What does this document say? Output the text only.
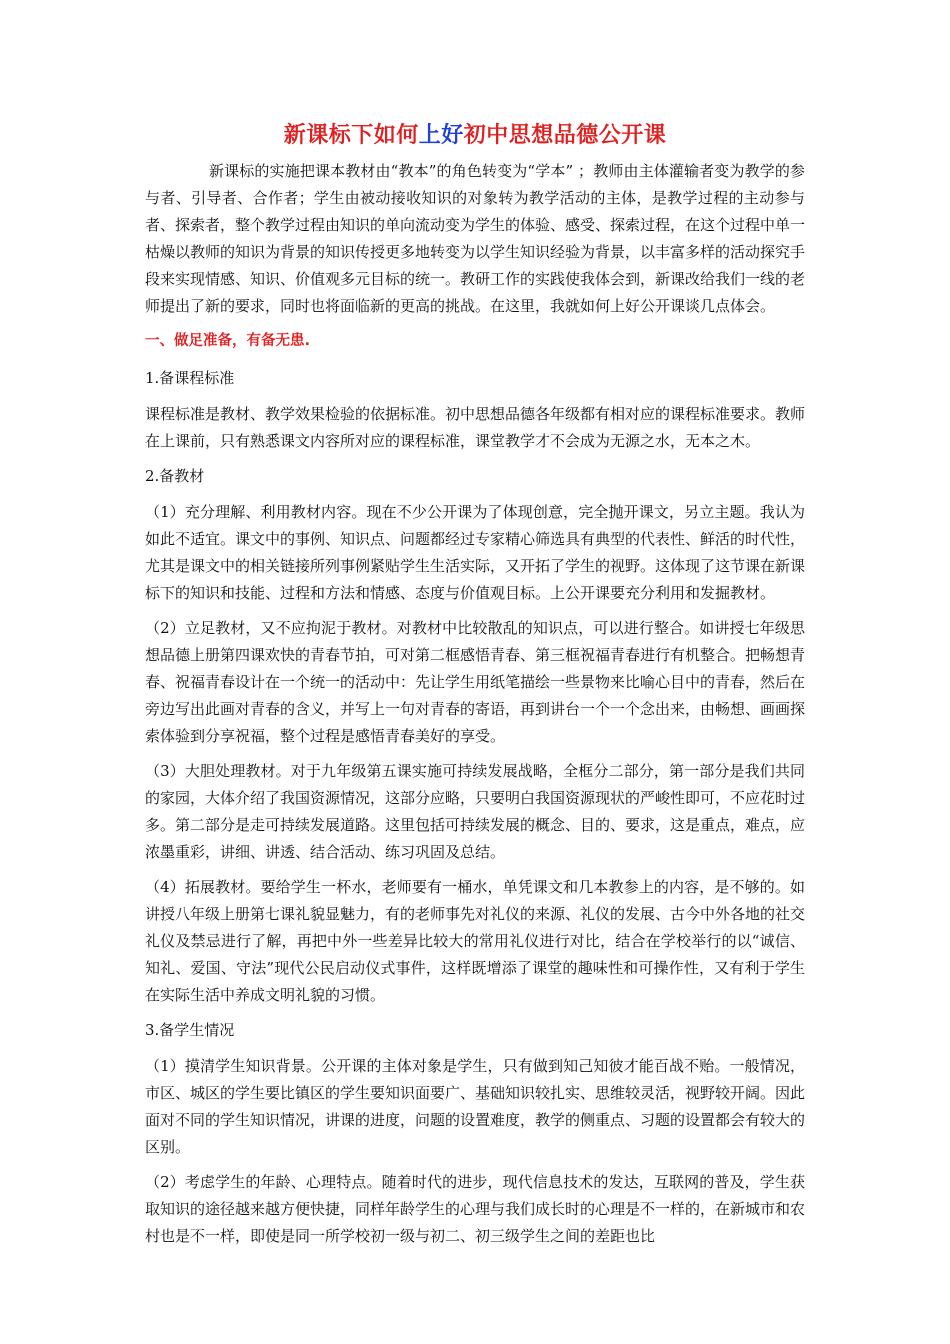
新课标下如何上好初中思想品德公开课

新课标的实施把课本教材由“教本”的角色转变为“学本” ；教师由主体灌输者变为教学的参与者、引导者、合作者；学生由被动接收知识的对象转为教学活动的主体，是教学过程的主动参与者、探索者，整个教学过程由知识的单向流动变为学生的体验、感受、探索过程，在这个过程中单一枯燥以教师的知识为背景的知识传授更多地转变为以学生知识经验为背景，以丰富多样的活动探究手段来实现情感、知识、价值观多元目标的统一。教研工作的实践使我体会到，新课改给我们一线的老师提出了新的要求，同时也将面临新的更高的挑战。在这里，我就如何上好公开课谈几点体会。

一、做足准备，有备无患.

1.备课程标准

课程标准是教材、教学效果检验的依据标准。初中思想品德各年级都有相对应的课程标准要求。教师在上课前，只有熟悉课文内容所对应的课程标准，课堂教学才不会成为无源之水，无本之木。

2.备教材

（1）充分理解、利用教材内容。现在不少公开课为了体现创意，完全抛开课文，另立主题。我认为如此不适宜。课文中的事例、知识点、问题都经过专家精心筛选具有典型的代表性、鲜活的时代性，尤其是课文中的相关链接所列事例紧贴学生生活实际，又开拓了学生的视野。这体现了这节课在新课标下的知识和技能、过程和方法和情感、态度与价值观目标。上公开课要充分利用和发掘教材。

（2）立足教材，又不应拘泥于教材。对教材中比较散乱的知识点，可以进行整合。如讲授七年级思想品德上册第四课欢快的青春节拍，可对第二框感悟青春、第三框祝福青春进行有机整合。把畅想青春、祝福青春设计在一个统一的活动中：先让学生用纸笔描绘一些景物来比喻心目中的青春，然后在旁边写出此画对青春的含义，并写上一句对青春的寄语，再到讲台一个一个念出来，由畅想、画画探索体验到分享祝福，整个过程是感悟青春美好的享受。

（3）大胆处理教材。对于九年级第五课实施可持续发展战略，全框分二部分，第一部分是我们共同的家园，大体介绍了我国资源情况，这部分应略，只要明白我国资源现状的严峻性即可，不应花时过多。第二部分是走可持续发展道路。这里包括可持续发展的概念、目的、要求，这是重点，难点，应浓墨重彩，讲细、讲透、结合活动、练习巩固及总结。

（4）拓展教材。要给学生一杯水，老师要有一桶水，单凭课文和几本教参上的内容，是不够的。如讲授八年级上册第七课礼貌显魅力，有的老师事先对礼仪的来源、礼仪的发展、古今中外各地的社交礼仪及禁忌进行了解，再把中外一些差异比较大的常用礼仪进行对比，结合在学校举行的以“诚信、知礼、爱国、守法”现代公民启动仪式事件，这样既增添了课堂的趣味性和可操作性，又有利于学生在实际生活中养成文明礼貌的习惯。

3.备学生情况

（1）摸清学生知识背景。公开课的主体对象是学生，只有做到知己知彼才能百战不贻。一般情况，市区、城区的学生要比镇区的学生要知识面要广、基础知识较扎实、思维较灵活，视野较开阔。因此面对不同的学生知识情况，讲课的进度，问题的设置难度，教学的侧重点、习题的设置都会有较大的区别。

（2）考虑学生的年龄、心理特点。随着时代的进步，现代信息技术的发达，互联网的普及，学生获取知识的途径越来越方便快捷，同样年龄学生的心理与我们成长时的心理是不一样的，在新城市和农村也是不一样，即使是同一所学校初一级与初二、初三级学生之间的差距也比
